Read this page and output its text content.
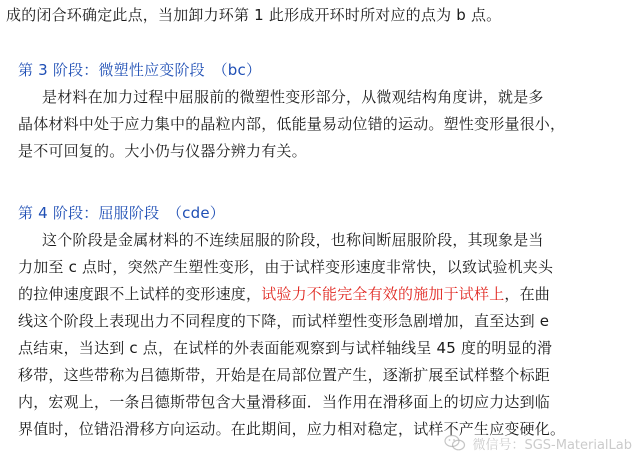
成的闭合环确定此点，当加卸力环第 1 此形成开环时所对应的点为 b 点。
第 3 阶段：微塑性应变阶段　（bc）
是材料在加力过程中屈服前的微塑性变形部分，从微观结构角度讲，就是多
晶体材料中处于应力集中的晶粒内部，低能量易动位错的运动。塑性变形量很小，
是不可回复的。大小仍与仪器分辨力有关。
第 4 阶段：屈服阶段　（cde）
这个阶段是金属材料的不连续屈服的阶段，也称间断屈服阶段，其现象是当
力加至 c 点时，突然产生塑性变形，由于试样变形速度非常快，以致试验机夹头
的拉伸速度跟不上试样的变形速度，试验力不能完全有效的施加于试样上，在曲
线这个阶段上表现出力不同程度的下降，而试样塑性变形急剧增加，直至达到 e
点结束，当达到 c 点，在试样的外表面能观察到与试样轴线呈 45 度的明显的滑
移带，这些带称为吕德斯带，开始是在局部位置产生，逐渐扩展至试样整个标距
内，宏观上，一条吕德斯带包含大量滑移面．当作用在滑移面上的切应力达到临
界值时，位错沿滑移方向运动。在此期间，应力相对稳定，试样不产生应变硬化。
微信号：SGS-MaterialLab
